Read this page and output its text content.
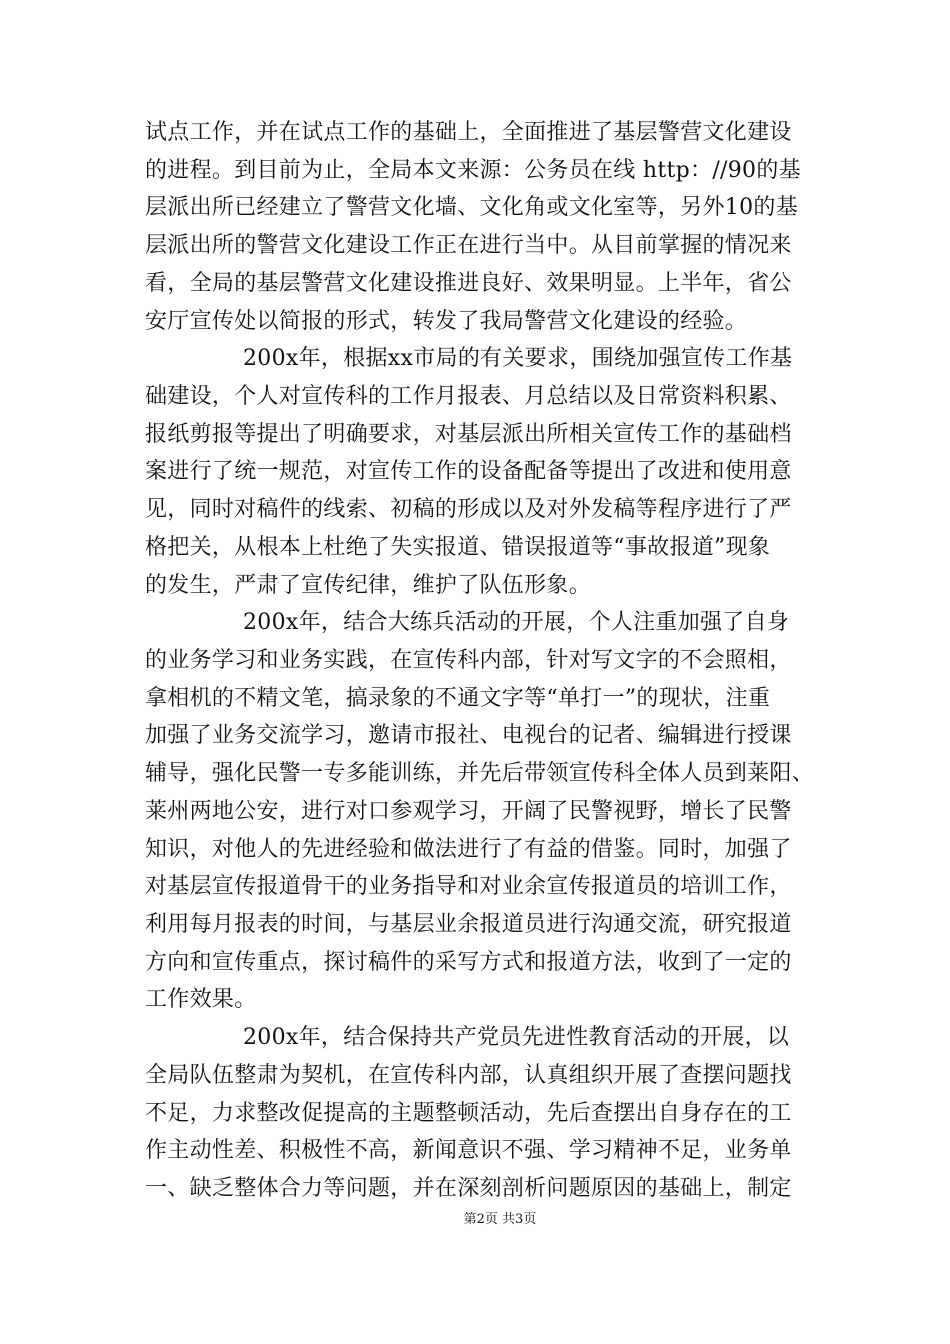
试点工作，并在试点工作的基础上，全面推进了基层警营文化建设
的进程。到目前为止，全局本文来源：公务员在线 http：//90的基
层派出所已经建立了警营文化墙、文化角或文化室等，另外10的基
层派出所的警营文化建设工作正在进行当中。从目前掌握的情况来
看，全局的基层警营文化建设推进良好、效果明显。上半年，省公
安厅宣传处以简报的形式，转发了我局警营文化建设的经验。
200x年，根据xx市局的有关要求，围绕加强宣传工作基
础建设，个人对宣传科的工作月报表、月总结以及日常资料积累、
报纸剪报等提出了明确要求，对基层派出所相关宣传工作的基础档
案进行了统一规范，对宣传工作的设备配备等提出了改进和使用意
见，同时对稿件的线索、初稿的形成以及对外发稿等程序进行了严
格把关，从根本上杜绝了失实报道、错误报道等“事故报道”现象
的发生，严肃了宣传纪律，维护了队伍形象。
200x年，结合大练兵活动的开展，个人注重加强了自身
的业务学习和业务实践，在宣传科内部，针对写文字的不会照相，
拿相机的不精文笔，搞录象的不通文字等“单打一”的现状，注重
加强了业务交流学习，邀请市报社、电视台的记者、编辑进行授课
辅导，强化民警一专多能训练，并先后带领宣传科全体人员到莱阳、
莱州两地公安，进行对口参观学习，开阔了民警视野，增长了民警
知识，对他人的先进经验和做法进行了有益的借鉴。同时，加强了
对基层宣传报道骨干的业务指导和对业余宣传报道员的培训工作，
利用每月报表的时间，与基层业余报道员进行沟通交流，研究报道
方向和宣传重点，探讨稿件的采写方式和报道方法，收到了一定的
工作效果。
200x年，结合保持共产党员先进性教育活动的开展，以
全局队伍整肃为契机，在宣传科内部，认真组织开展了查摆问题找
不足，力求整改促提高的主题整顿活动，先后查摆出自身存在的工
作主动性差、积极性不高，新闻意识不强、学习精神不足，业务单
一、缺乏整体合力等问题，并在深刻剖析问题原因的基础上，制定
第2页 共3页
